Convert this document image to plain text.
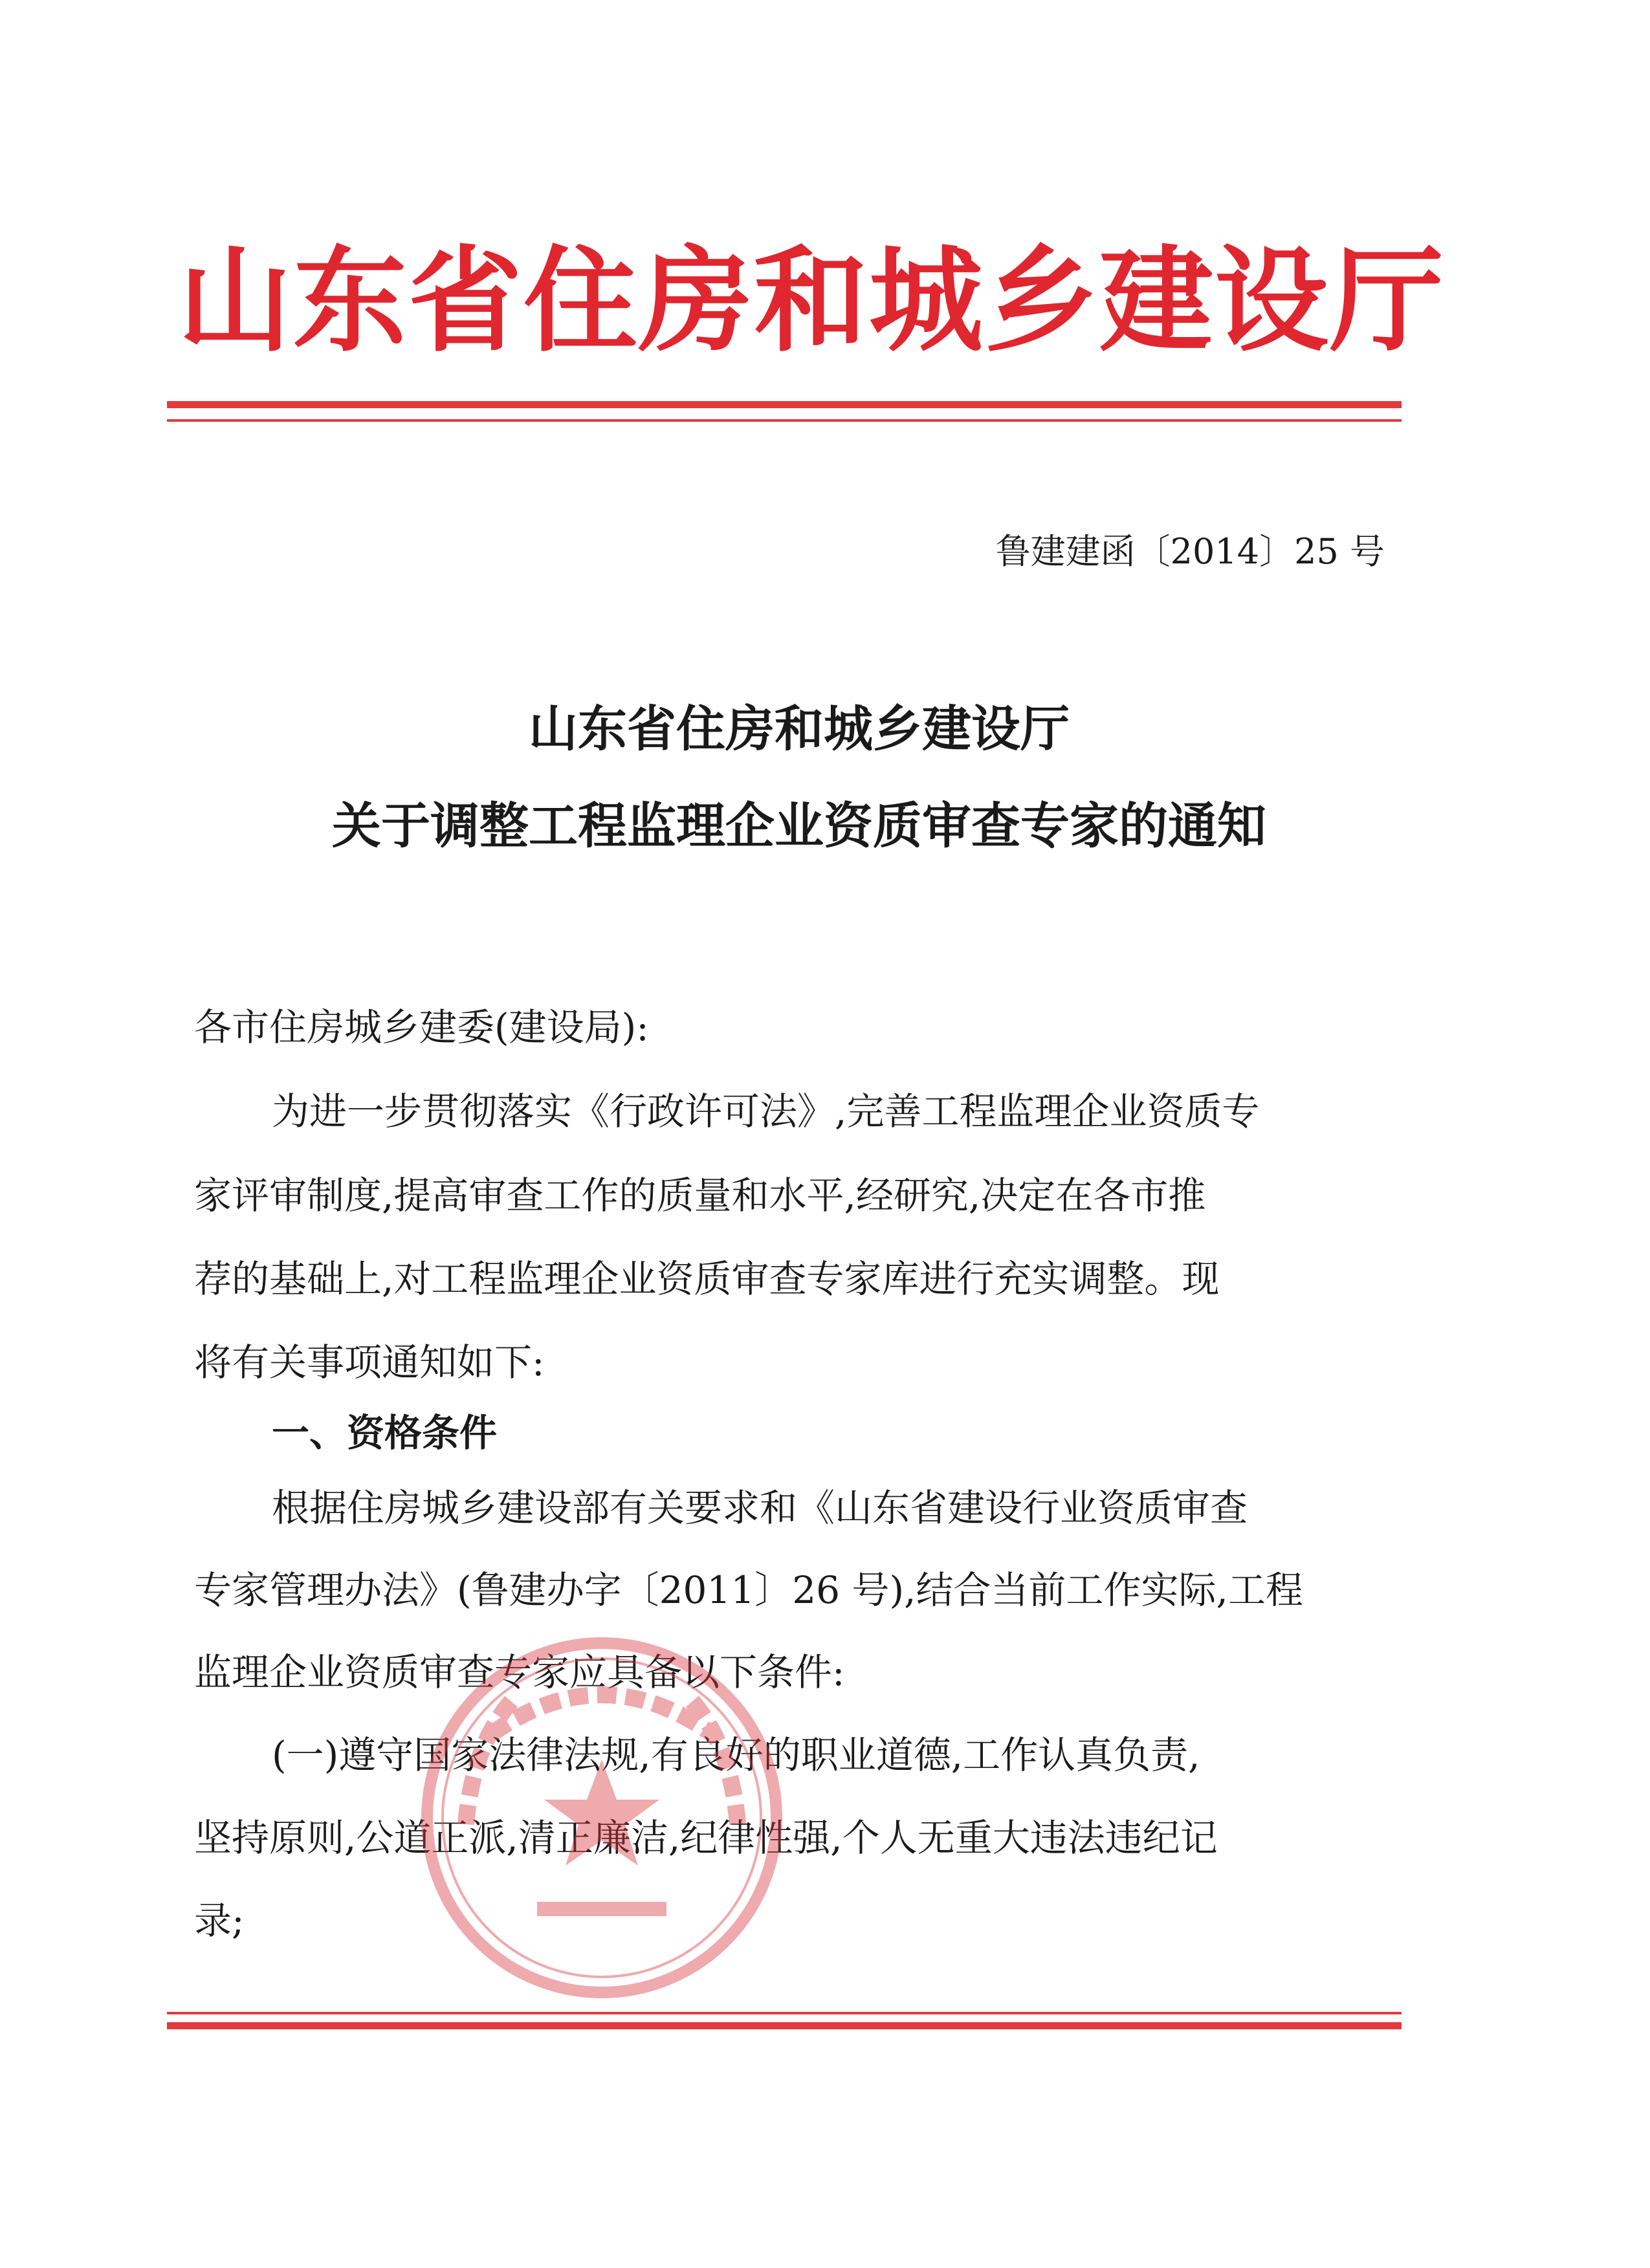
山东省住房和城乡建设厅
鲁建建函〔2014〕25 号
山东省住房和城乡建设厅
关于调整工程监理企业资质审查专家的通知
各市住房城乡建委(建设局):
为进一步贯彻落实《行政许可法》,完善工程监理企业资质专
家评审制度,提高审查工作的质量和水平,经研究,决定在各市推
荐的基础上,对工程监理企业资质审查专家库进行充实调整。现
将有关事项通知如下:
一、资格条件
根据住房城乡建设部有关要求和《山东省建设行业资质审查
专家管理办法》(鲁建办字〔2011〕26 号),结合当前工作实际,工程
监理企业资质审查专家应具备以下条件:
(一)遵守国家法律法规,有良好的职业道德,工作认真负责,
坚持原则,公道正派,清正廉洁,纪律性强,个人无重大违法违纪记
录;
